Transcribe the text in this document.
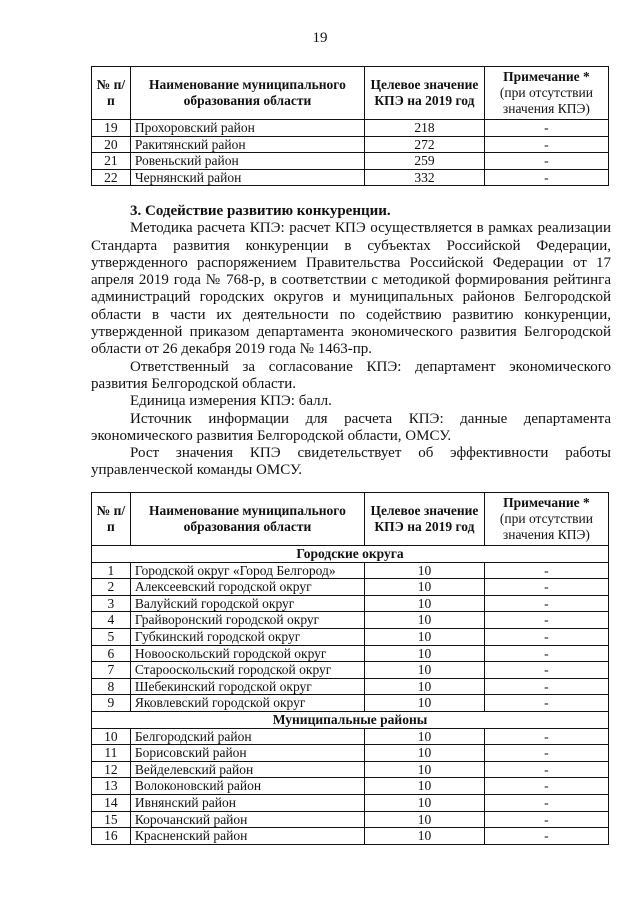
19
№ п/п	Наименование муниципального образования области	Целевое значение КПЭ на 2019 год	Примечание *
(при отсутствии значения КПЭ)
19	Прохоровский район	218	-
20	Ракитянский район	272	-
21	Ровеньский район	259	-
22	Чернянский район	332	-

3. Содействие развитию конкуренции.

Методика расчета КПЭ: расчет КПЭ осуществляется в рамках реализации Стандарта развития конкуренции в субъектах Российской Федерации, утвержденного распоряжением Правительства Российской Федерации от 17 апреля 2019 года № 768-р, в соответствии с методикой формирования рейтинга администраций городских округов и муниципальных районов Белгородской области в части их деятельности по содействию развитию конкуренции, утвержденной приказом департамента экономического развития Белгородской области от 26 декабря 2019 года № 1463-пр.

Ответственный за согласование КПЭ: департамент экономического развития Белгородской области.

Единица измерения КПЭ: балл.

Источник информации для расчета КПЭ: данные департамента экономического развития Белгородской области, ОМСУ.

Рост значения КПЭ свидетельствует об эффективности работы управленческой команды ОМСУ.

№ п/п	Наименование муниципального образования области	Целевое значение КПЭ на 2019 год	Примечание *
(при отсутствии значения КПЭ)
Городские округа			
1	Городской округ «Город Белгород»	10	-
2	Алексеевский городской округ	10	-
3	Валуйский городской округ	10	-
4	Грайворонский городской округ	10	-
5	Губкинский городской округ	10	-
6	Новооскольский городской округ	10	-
7	Старооскольский городской округ	10	-
8	Шебекинский городской округ	10	-
9	Яковлевский городской округ	10	-
Муниципальные районы			
10	Белгородский район	10	-
11	Борисовский район	10	-
12	Вейделевский район	10	-
13	Волоконовский район	10	-
14	Ивнянский район	10	-
15	Корочанский район	10	-
16	Красненский район	10	-
